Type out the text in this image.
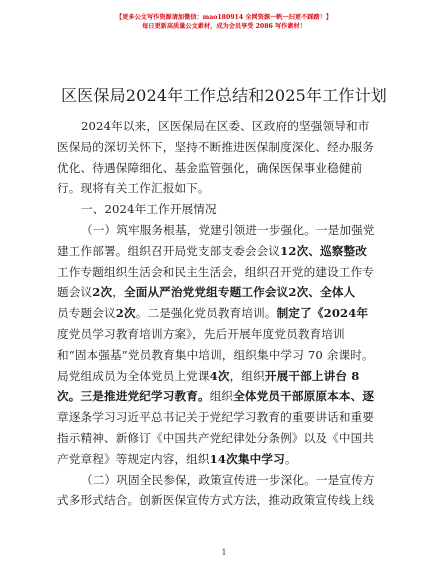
【更多公文写作资源请加微信：mao180914 全网资源一帆一扫更不踩踏！】
每日更新高质量公文素材，成为会员享受 2086 写作素材！
区医保局2024年工作总结和2025年工作计划
2024年以来，区医保局在区委、区政府的坚强领导和市
医保局的深切关怀下，坚持不断推进医保制度深化、经办服务
优化、待遇保障细化、基金监管强化，确保医保事业稳健前
行。现将有关工作汇报如下。
一、2024年工作开展情况
（一）筑牢服务根基，党建引领进一步强化。一是加强党
建工作部署。组织召开局党支部支委会会议12次、巡察整改
工作专题组织生活会和民主生活会，组织召开党的建设工作专
题会议2次，全面从严治党党组专题工作会议2次、全体人
员专题会议2次。二是强化党员教育培训。制定了《2024年
度党员学习教育培训方案》，先后开展年度党员教育培训
和“固本强基”党员教育集中培训，组织集中学习 70 余课时。
局党组成员为全体党员上党课4次，组织开展干部上讲台 8
次。三是推进党纪学习教育。组织全体党员干部原原本本、逐
章逐条学习习近平总书记关于党纪学习教育的重要讲话和重要
指示精神、新修订《中国共产党纪律处分条例》以及《中国共
产党章程》等规定内容，组织14次集中学习。
（二）巩固全民参保，政策宣传进一步深化。一是宣传方
式多形式结合。创新医保宣传方式方法，推动政策宣传线上线
1
